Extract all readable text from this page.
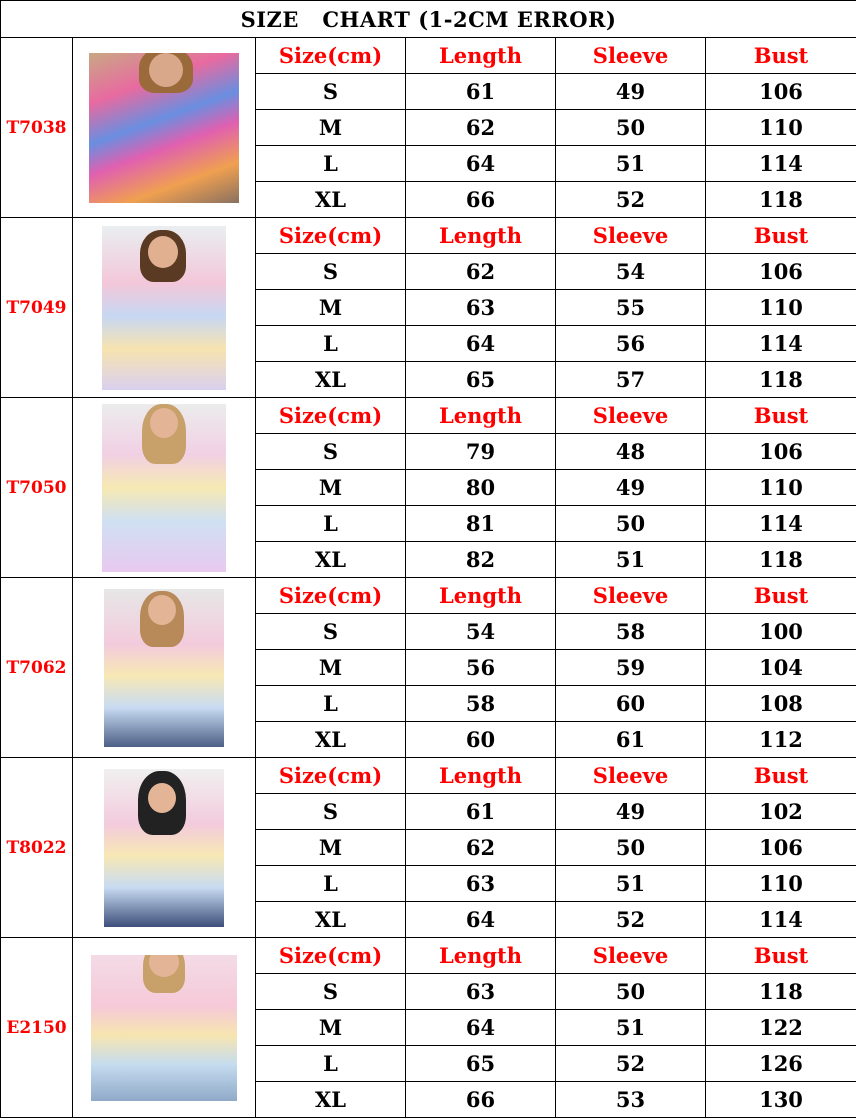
SIZE   CHART (1-2CM ERROR)					
T7038		Size(cm)	Length	Sleeve	Bust
		S	61	49	106
		M	62	50	110
		L	64	51	114
		XL	66	52	118
T7049		Size(cm)	Length	Sleeve	Bust
		S	62	54	106
		M	63	55	110
		L	64	56	114
		XL	65	57	118
T7050		Size(cm)	Length	Sleeve	Bust
		S	79	48	106
		M	80	49	110
		L	81	50	114
		XL	82	51	118
T7062		Size(cm)	Length	Sleeve	Bust
		S	54	58	100
		M	56	59	104
		L	58	60	108
		XL	60	61	112
T8022		Size(cm)	Length	Sleeve	Bust
		S	61	49	102
		M	62	50	106
		L	63	51	110
		XL	64	52	114
E2150		Size(cm)	Length	Sleeve	Bust
		S	63	50	118
		M	64	51	122
		L	65	52	126
		XL	66	53	130
